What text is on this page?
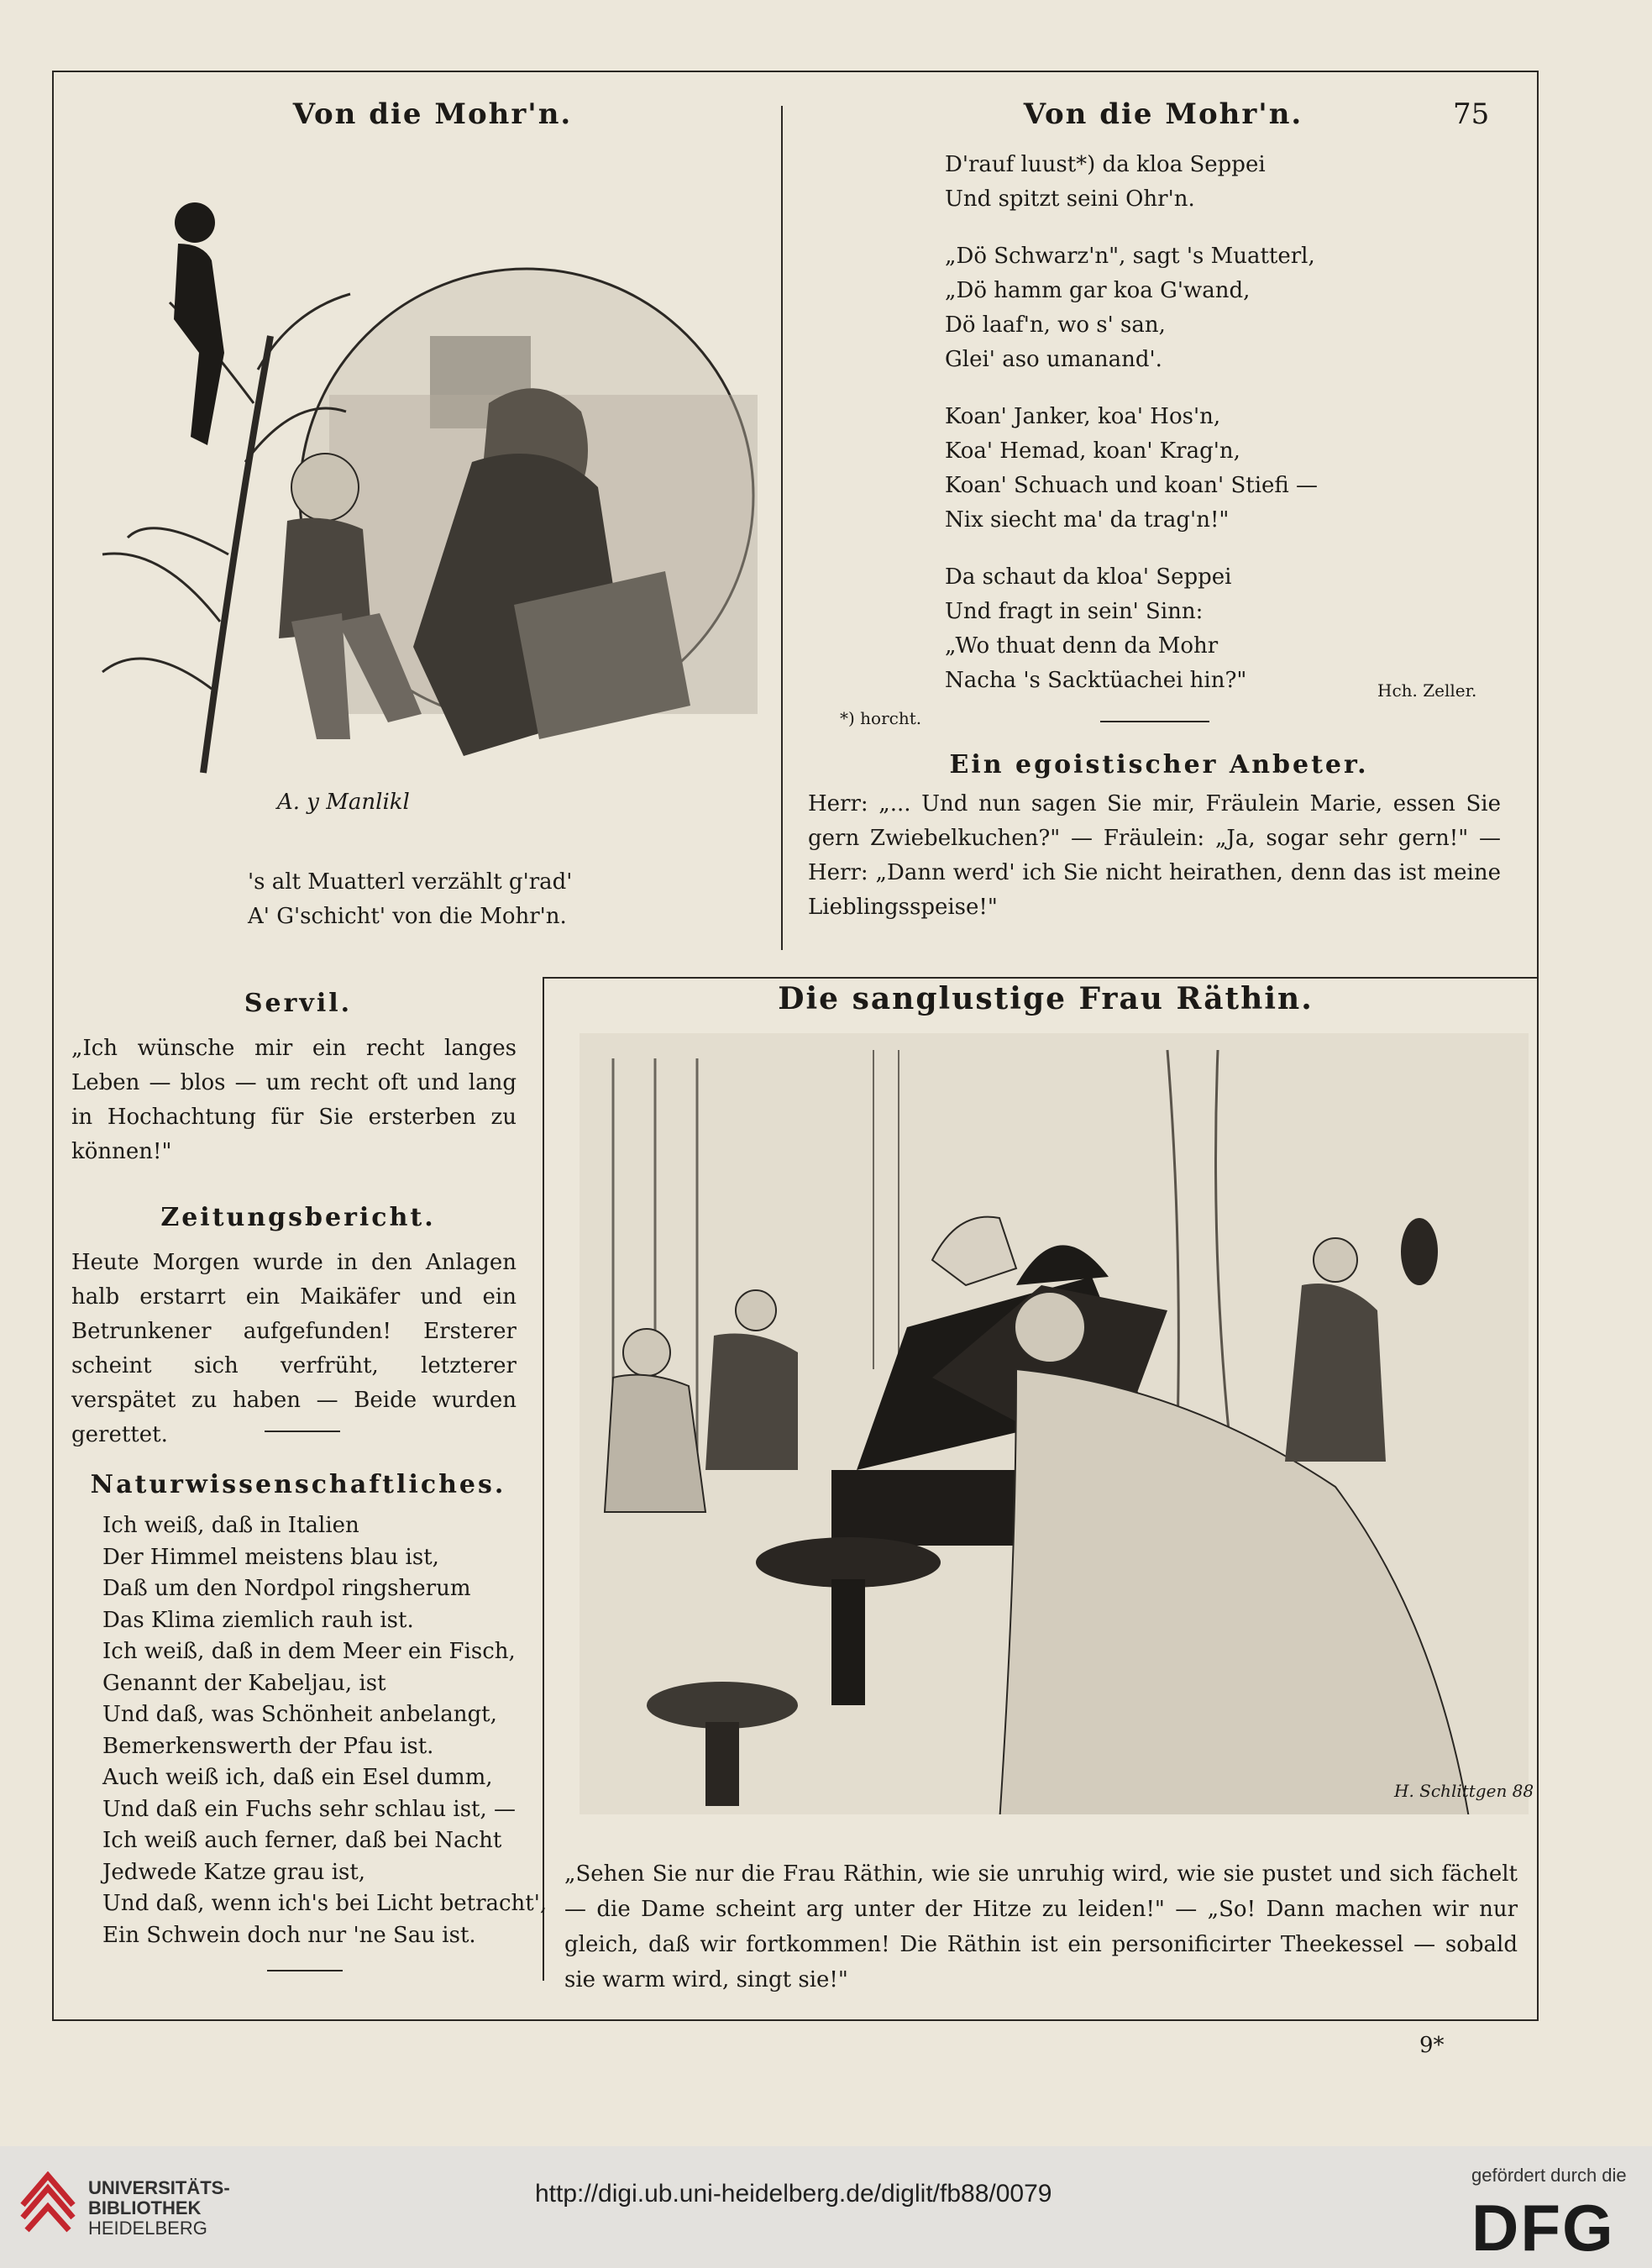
Von die Mohr'n.	Von die Mohr'n.	75
A. y Manlikl
's alt Muatterl verzählt g'rad'
A' G'schicht' von die Mohr'n.
D'rauf luust*) da kloa Seppei
Und spitzt seini Ohr'n.
„Dö Schwarz'n", sagt 's Muatterl,
„Dö hamm gar koa G'wand,
Dö laaf'n, wo s' san,
Glei' aso umanand'.
Koan' Janker, koa' Hos'n,
Koa' Hemad, koan' Krag'n,
Koan' Schuach und koan' Stiefi —
Nix siecht ma' da trag'n!"
Da schaut da kloa' Seppei
Und fragt in sein' Sinn:
„Wo thuat denn da Mohr
Nacha 's Sacktüachei hin?"	Hch. Zeller.
*) horcht.
Ein egoistischer Anbeter.
Herr: „... Und nun sagen Sie mir, Fräulein Marie, essen Sie gern Zwiebelkuchen?" — Fräulein: „Ja, sogar sehr gern!" — Herr: „Dann werd' ich Sie nicht heirathen, denn das ist meine Lieblingsspeise!"
Die sanglustige Frau Räthin.
Servil.
„Ich wünsche mir ein recht langes Leben — blos — um recht oft und lang in Hochachtung für Sie ersterben zu können!"
Zeitungsbericht.
Heute Morgen wurde in den Anlagen halb erstarrt ein Maikäfer und ein Betrunkener aufgefunden! Ersterer scheint sich verfrüht, letzterer verspätet zu haben — Beide wurden gerettet.
Naturwissenschaftliches.
Ich weiß, daß in Italien
Der Himmel meistens blau ist,
Daß um den Nordpol ringsherum
Das Klima ziemlich rauh ist.
Ich weiß, daß in dem Meer ein Fisch,
Genannt der Kabeljau, ist
Und daß, was Schönheit anbelangt,
Bemerkenswerth der Pfau ist.
Auch weiß ich, daß ein Esel dumm,
Und daß ein Fuchs sehr schlau ist, —
Ich weiß auch ferner, daß bei Nacht
Jedwede Katze grau ist,
Und daß, wenn ich's bei Licht betracht',
Ein Schwein doch nur 'ne Sau ist.
H. Schlittgen 88
„Sehen Sie nur die Frau Räthin, wie sie unruhig wird, wie sie pustet und sich fächelt — die Dame scheint arg unter der Hitze zu leiden!" — „So! Dann machen wir nur gleich, daß wir fortkommen! Die Räthin ist ein personificirter Theekessel — sobald sie warm wird, singt sie!"
9*
UNIVERSITÄTS-
BIBLIOTHEK
HEIDELBERG
http://digi.ub.uni-heidelberg.de/diglit/fb88/0079
gefördert durch die
DFG
